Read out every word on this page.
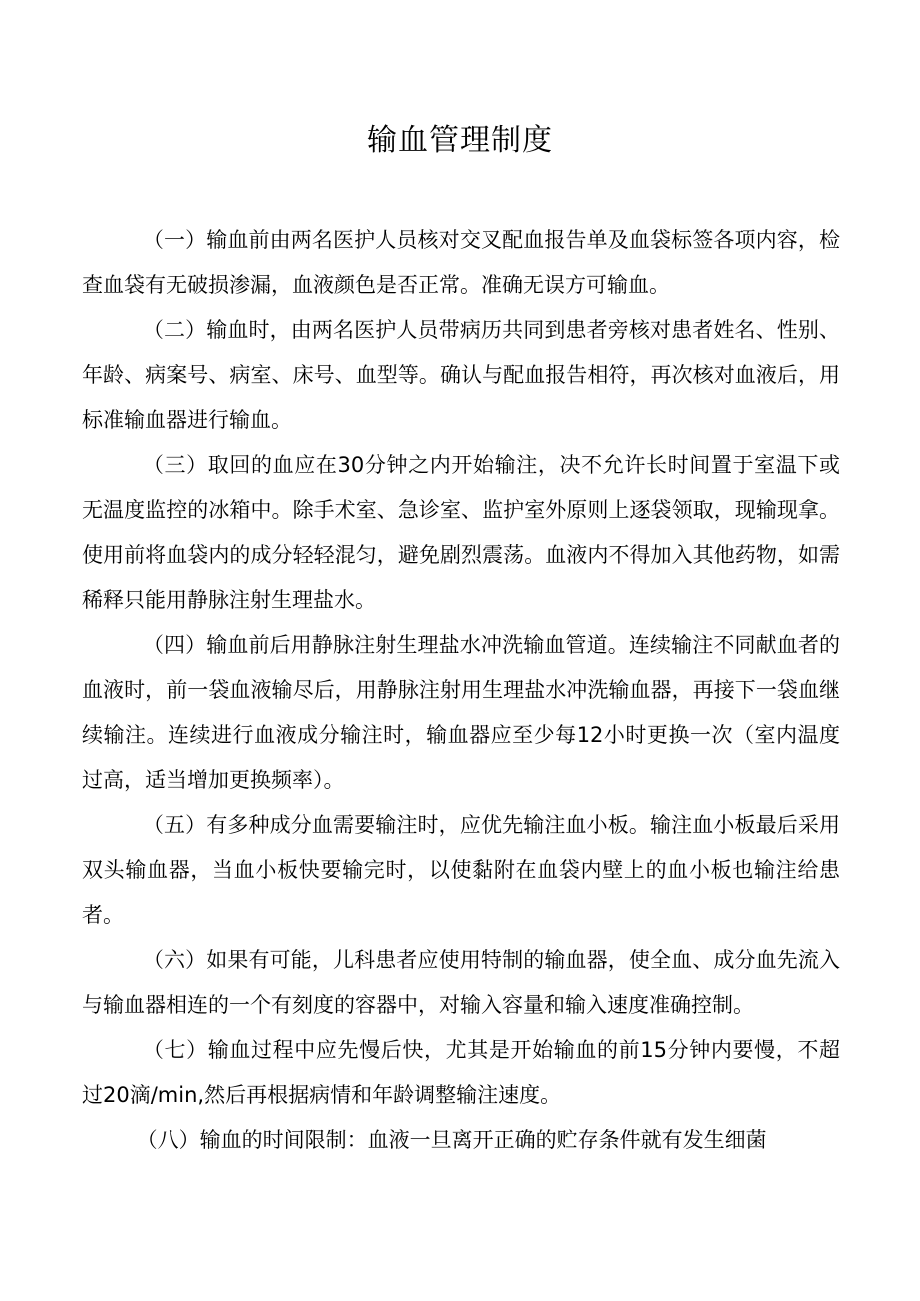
输血管理制度

（一）输血前由两名医护人员核对交叉配血报告单及血袋标签各项内容，检查血袋有无破损渗漏，血液颜色是否正常。准确无误方可输血。

（二）输血时，由两名医护人员带病历共同到患者旁核对患者姓名、性别、年龄、病案号、病室、床号、血型等。确认与配血报告相符，再次核对血液后，用标准输血器进行输血。

（三）取回的血应在30分钟之内开始输注，决不允许长时间置于室温下或无温度监控的冰箱中。除手术室、急诊室、监护室外原则上逐袋领取，现输现拿。使用前将血袋内的成分轻轻混匀，避免剧烈震荡。血液内不得加入其他药物，如需稀释只能用静脉注射生理盐水。

（四）输血前后用静脉注射生理盐水冲洗输血管道。连续输注不同献血者的血液时，前一袋血液输尽后，用静脉注射用生理盐水冲洗输血器，再接下一袋血继续输注。连续进行血液成分输注时，输血器应至少每12小时更换一次（室内温度过高，适当增加更换频率）。

（五）有多种成分血需要输注时，应优先输注血小板。输注血小板最后采用双头输血器，当血小板快要输完时，以使黏附在血袋内壁上的血小板也输注给患者。

（六）如果有可能，儿科患者应使用特制的输血器，使全血、成分血先流入与输血器相连的一个有刻度的容器中，对输入容量和输入速度准确控制。

（七）输血过程中应先慢后快，尤其是开始输血的前15分钟内要慢，不超过20滴/min,然后再根据病情和年龄调整输注速度。

（八）输血的时间限制：血液一旦离开正确的贮存条件就有发生细菌
